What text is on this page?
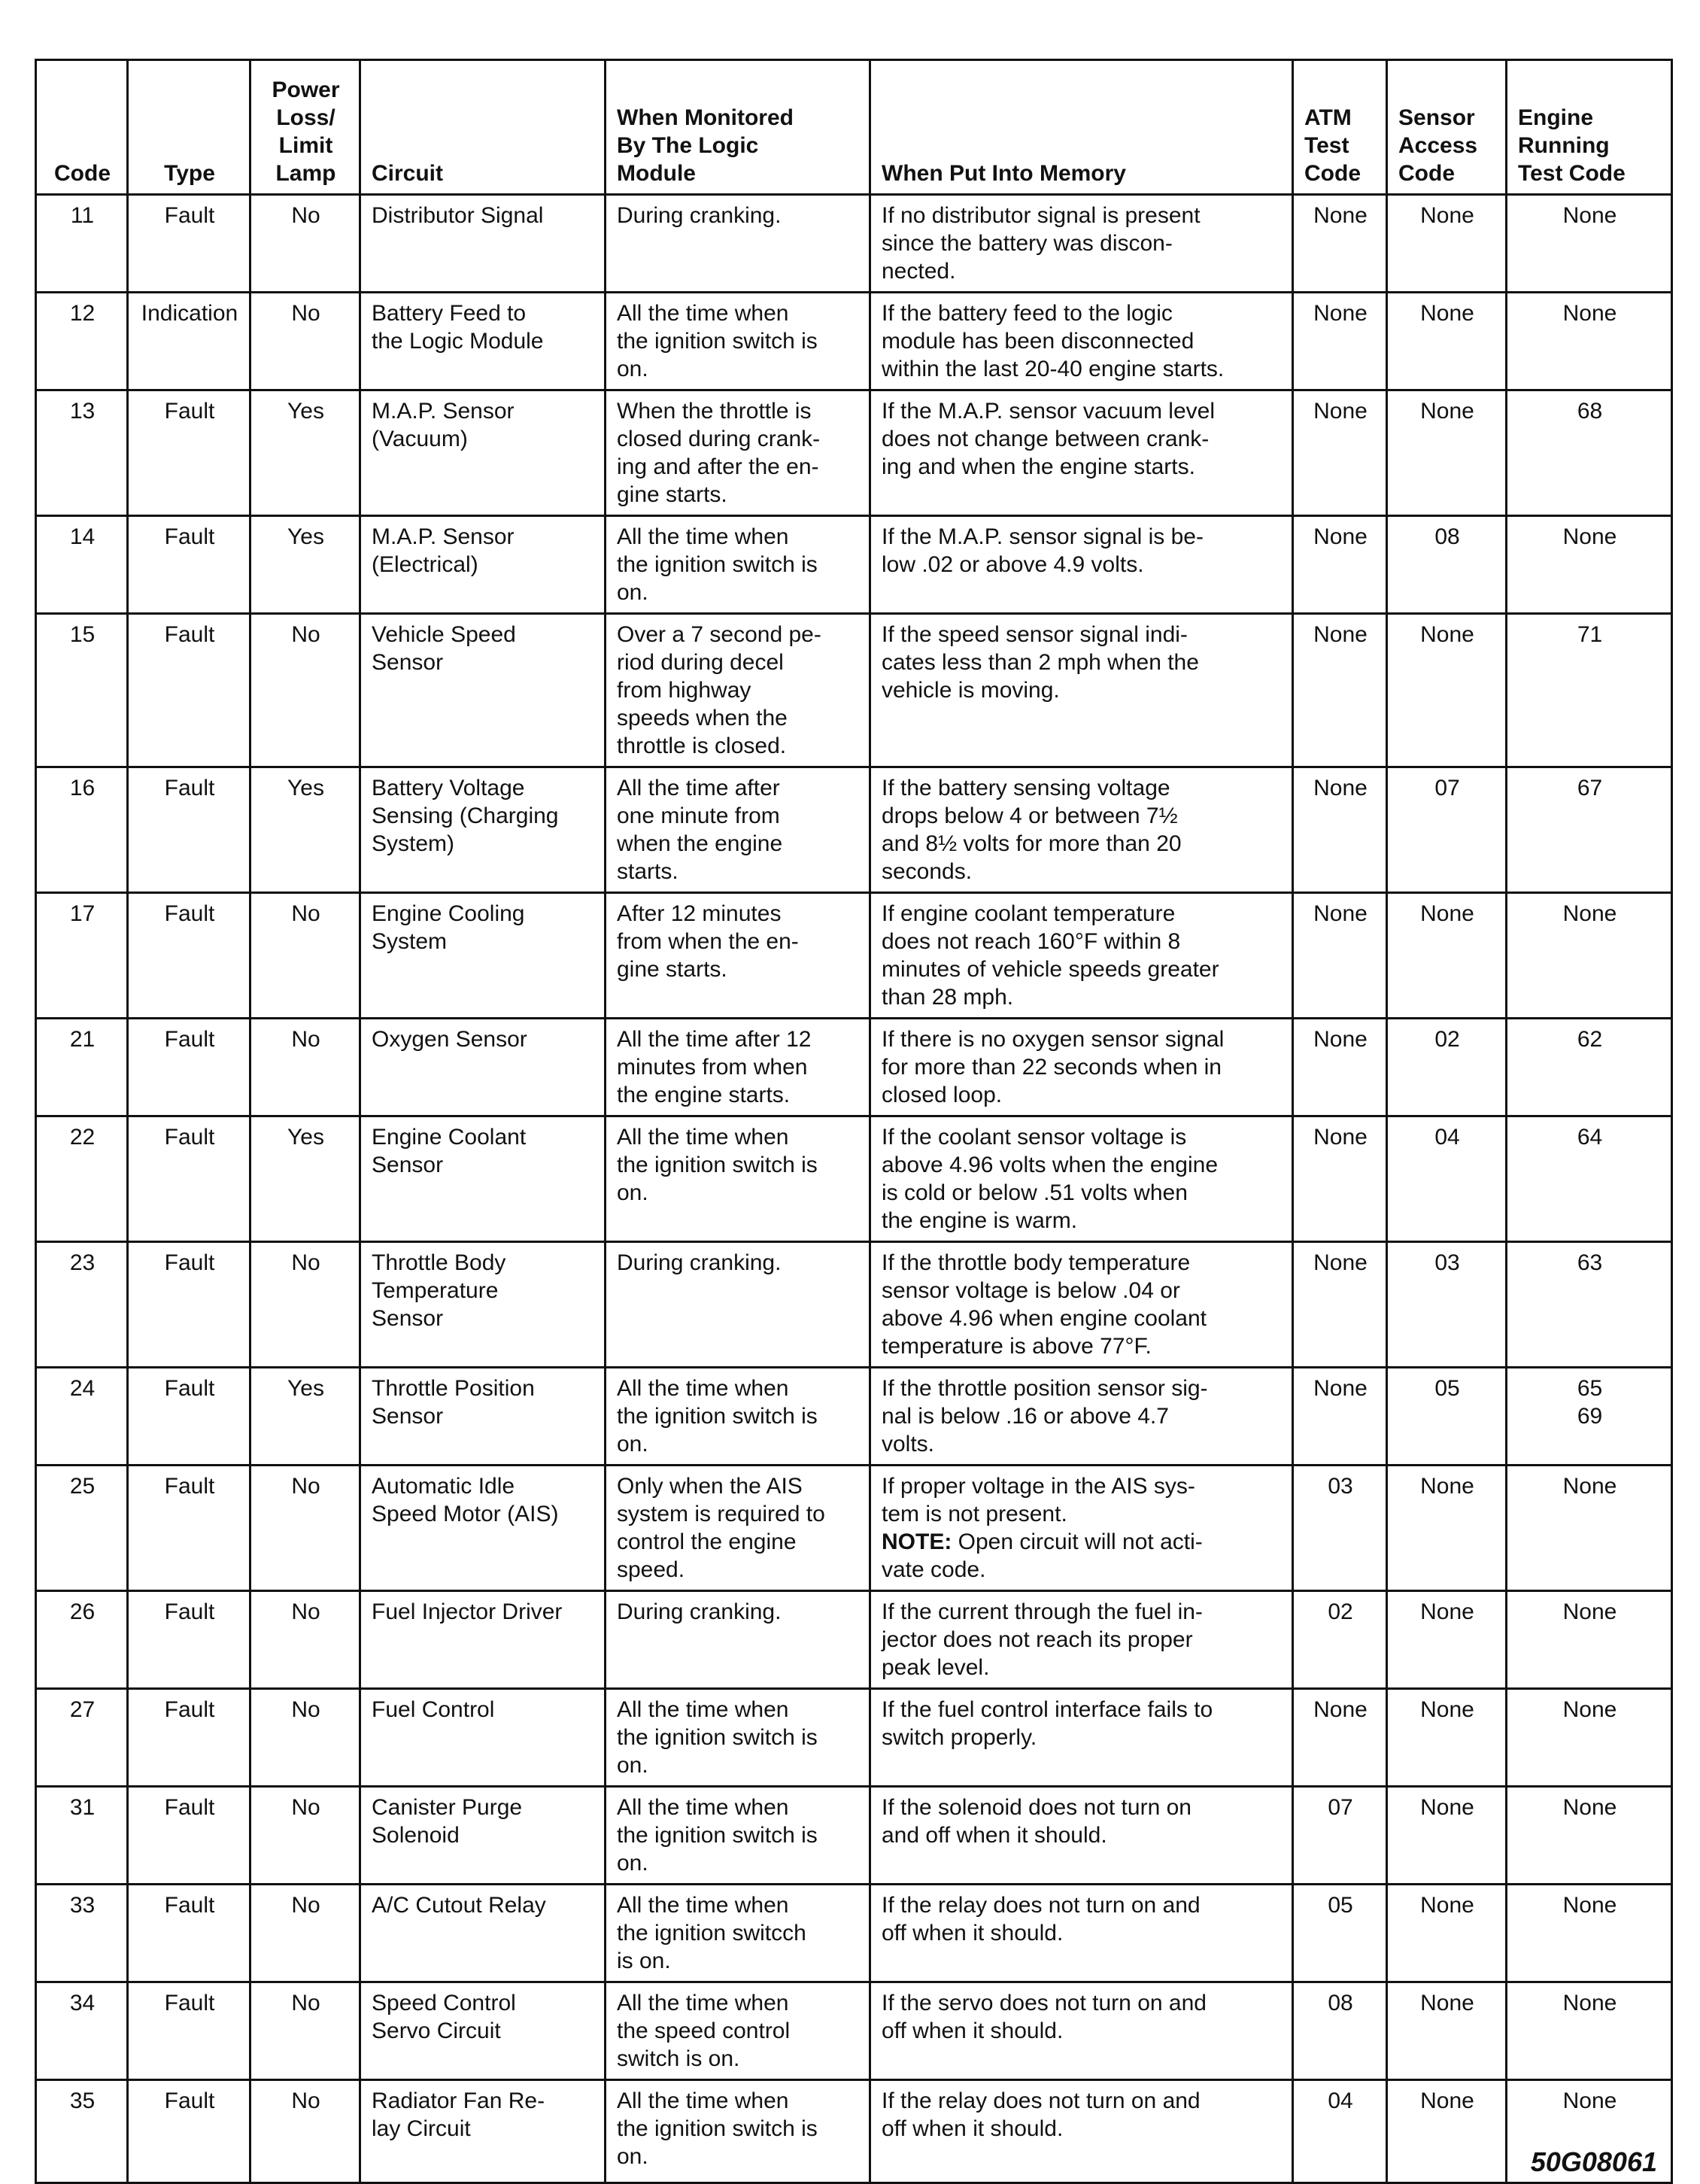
Code	Type	Power
Loss/
Limit
Lamp	Circuit	When Monitored
By The Logic
Module	When Put Into Memory	ATM
Test
Code	Sensor
Access
Code	Engine
Running
Test Code
11	Fault	No	Distributor Signal	During cranking.	If no distributor signal is present
since the battery was discon-
nected.	None	None	None
12	Indication	No	Battery Feed to
the Logic Module	All the time when
the ignition switch is
on.	If the battery feed to the logic
module has been disconnected
within the last 20-40 engine starts.	None	None	None
13	Fault	Yes	M.A.P. Sensor
(Vacuum)	When the throttle is
closed during crank-
ing and after the en-
gine starts.	If the M.A.P. sensor vacuum level
does not change between crank-
ing and when the engine starts.	None	None	68
14	Fault	Yes	M.A.P. Sensor
(Electrical)	All the time when
the ignition switch is
on.	If the M.A.P. sensor signal is be-
low .02 or above 4.9 volts.	None	08	None
15	Fault	No	Vehicle Speed
Sensor	Over a 7 second pe-
riod during decel
from highway
speeds when the
throttle is closed.	If the speed sensor signal indi-
cates less than 2 mph when the
vehicle is moving.	None	None	71
16	Fault	Yes	Battery Voltage
Sensing (Charging
System)	All the time after
one minute from
when the engine
starts.	If the battery sensing voltage
drops below 4 or between 7½
and 8½ volts for more than 20
seconds.	None	07	67
17	Fault	No	Engine Cooling
System	After 12 minutes
from when the en-
gine starts.	If engine coolant temperature
does not reach 160°F within 8
minutes of vehicle speeds greater
than 28 mph.	None	None	None
21	Fault	No	Oxygen Sensor	All the time after 12
minutes from when
the engine starts.	If there is no oxygen sensor signal
for more than 22 seconds when in
closed loop.	None	02	62
22	Fault	Yes	Engine Coolant
Sensor	All the time when
the ignition switch is
on.	If the coolant sensor voltage is
above 4.96 volts when the engine
is cold or below .51 volts when
the engine is warm.	None	04	64
23	Fault	No	Throttle Body
Temperature
Sensor	During cranking.	If the throttle body temperature
sensor voltage is below .04 or
above 4.96 when engine coolant
temperature is above 77°F.	None	03	63
24	Fault	Yes	Throttle Position
Sensor	All the time when
the ignition switch is
on.	If the throttle position sensor sig-
nal is below .16 or above 4.7
volts.	None	05	65
69
25	Fault	No	Automatic Idle
Speed Motor (AIS)	Only when the AIS
system is required to
control the engine
speed.	If proper voltage in the AIS sys-
tem is not present.
NOTE: Open circuit will not acti-
vate code.	03	None	None
26	Fault	No	Fuel Injector Driver	During cranking.	If the current through the fuel in-
jector does not reach its proper
peak level.	02	None	None
27	Fault	No	Fuel Control	All the time when
the ignition switch is
on.	If the fuel control interface fails to
switch properly.	None	None	None
31	Fault	No	Canister Purge
Solenoid	All the time when
the ignition switch is
on.	If the solenoid does not turn on
and off when it should.	07	None	None
33	Fault	No	A/C Cutout Relay	All the time when
the ignition switcch
is on.	If the relay does not turn on and
off when it should.	05	None	None
34	Fault	No	Speed Control
Servo Circuit	All the time when
the speed control
switch is on.	If the servo does not turn on and
off when it should.	08	None	None
35	Fault	No	Radiator Fan Re-
lay Circuit	All the time when
the ignition switch is
on.	If the relay does not turn on and
off when it should.	04	None	None
50G08061
